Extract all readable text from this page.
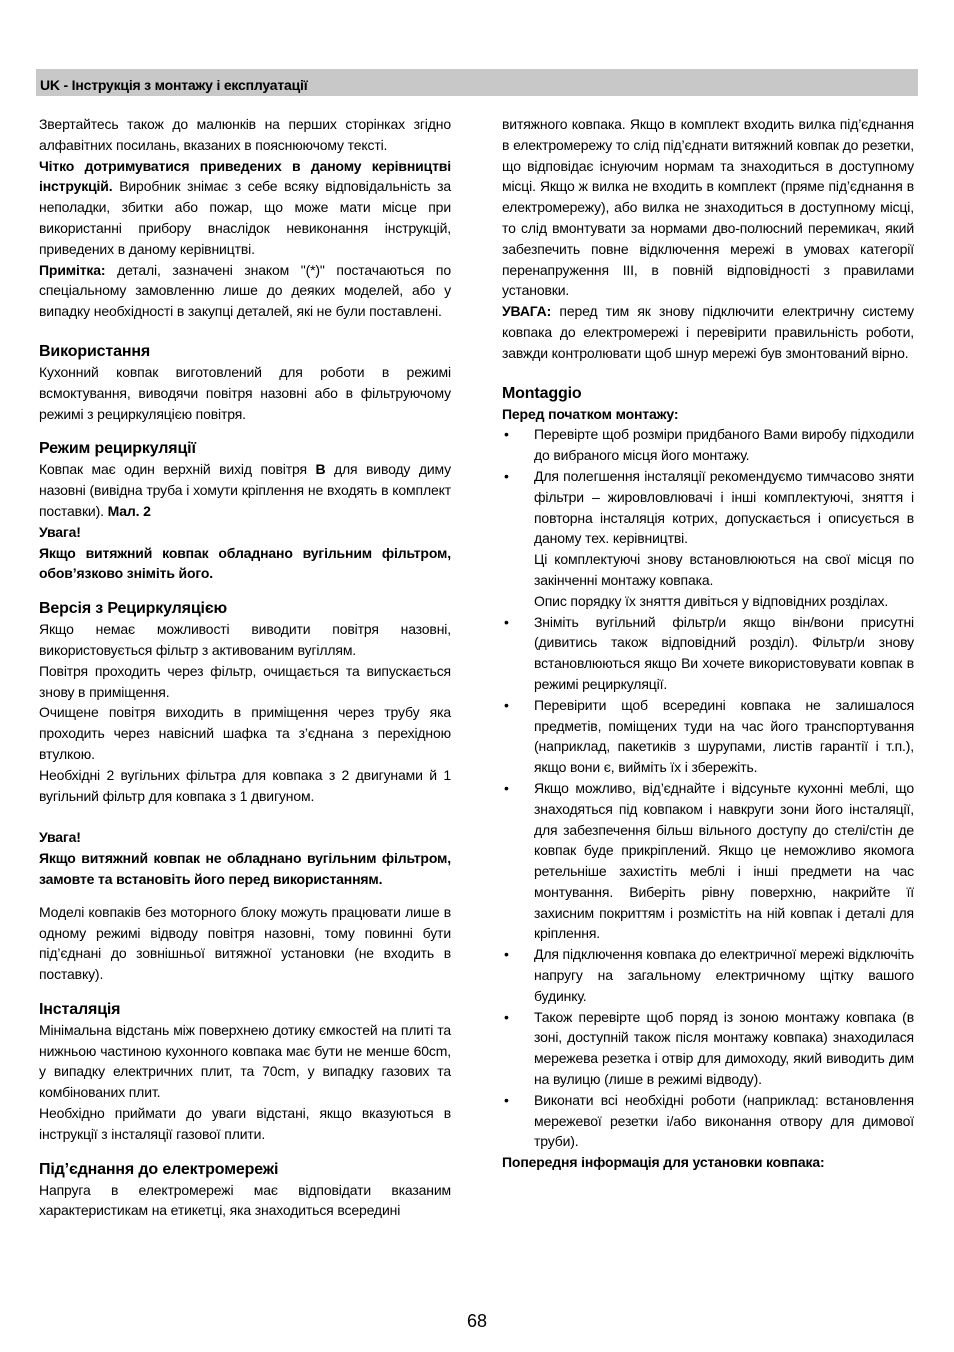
UK - Інструкція з монтажу і експлуатації

Звертайтесь також до малюнків на перших сторінках згідно алфавітних посилань, вказаних в пояснюючому тексті.

Чітко дотримуватися приведених в даному керівництві інструкцій. Виробник знімає з себе всяку відповідальність за неполадки, збитки або пожар, що може мати місце при використанні прибору внаслідок невиконання інструкцій, приведених в даному керівництві.

Примітка: деталі, зазначені знаком "(*)" постачаються по спеціальному замовленню лише до деяких моделей, або у випадку необхідності в закупці деталей, які не були поставлені.

Використання

Кухонний ковпак виготовлений для роботи в режимі всмоктування, виводячи повітря назовні або в фільтруючому режимі з рециркуляцією повітря.

Режим рециркуляції

Ковпак має один верхній вихід повітря B для виводу диму назовні (вивідна труба і хомути кріплення не входять в комплект поставки). Мал. 2

Увага!

Якщо витяжний ковпак обладнано вугільним фільтром, обов’язково зніміть його.

Версія з Рециркуляцією

Якщо немає можливості виводити повітря назовні, використовується фільтр з активованим вугіллям.

Повітря проходить через фільтр, очищається та випускається знову в приміщення.

Очищене повітря виходить в приміщення через трубу яка проходить через навісний шафка та з’єднана з перехідною втулкою.

Необхідні 2 вугільних фільтра для ковпака з 2 двигунами й 1 вугільний фільтр для ковпака з 1 двигуном.

Увага!

Якщо витяжний ковпак не обладнано вугільним фільтром, замовте та встановіть його перед використанням.

Моделі ковпаків без моторного блоку можуть працювати лише в одному режимі відводу повітря назовні, тому повинні бути під’єднані до зовнішньої витяжної установки (не входить в поставку).

Інсталяція

Мінімальна відстань між поверхнею дотику ємкостей на плиті та нижньою частиною кухонного ковпака має бути не менше 60cm, у випадку електричних плит, та 70cm, у випадку газових та комбінованих плит.

Необхідно приймати до уваги відстані, якщо вказуються в інструкції з інсталяції газової плити.

Під’єднання до електромережі

Напруга в електромережі має відповідати вказаним характеристикам на етикетці, яка знаходиться всередині

витяжного ковпака. Якщо в комплект входить вилка під’єднання в електромережу то слід під’єднати витяжний ковпак до резетки, що відповідає існуючим нормам та знаходиться в доступному місці. Якщо ж вилка не входить в комплект (пряме під’єднання в електромережу), або вилка не знаходиться в доступному місці, то слід вмонтувати за нормами дво-полюсний перемикач, який забезпечить повне відключення мережі в умовах категорії перенапруження III, в повній відповідності з правилами установки.

УВАГА: перед тим як знову підключити електричну систему ковпака до електромережі і перевірити правильність роботи, завжди контролювати щоб шнур мережі був змонтований вірно.

Montaggio

Перед початком монтажу:

• Перевірте щоб розміри придбаного Вами виробу підходили до вибраного місця його монтажу.

• Для полегшення інсталяції рекомендуємо тимчасово зняти фільтри – жировловлювачі і інші комплектуючі, зняття і повторна інсталяція котрих, допускається і описується в даному тех. керівництві.

Ці комплектуючі знову встановлюються на свої місця по закінченні монтажу ковпака.

Опис порядку їх зняття дивіться у відповідних розділах.

• Зніміть вугільний фільтр/и якщо він/вони присутні (дивитись також відповідний розділ). Фільтр/и знову встановлюються якщо Ви хочете використовувати ковпак в режимі рециркуляції.

• Перевірити щоб всередині ковпака не залишалося предметів, поміщених туди на час його транспортування (наприклад, пакетиків з шурупами, листів гарантії і т.п.), якщо вони є, вийміть їх і збережіть.

• Якщо можливо, від’єднайте і відсуньте кухонні меблі, що знаходяться під ковпаком і навкруги зони його інсталяції, для забезпечення більш вільного доступу до стелі/стін де ковпак буде прикріплений. Якщо це неможливо якомога ретельніше захистіть меблі і інші предмети на час монтування. Виберіть рівну поверхню, накрийте її захисним покриттям і розмістіть на ній ковпак і деталі для кріплення.

• Для підключення ковпака до електричної мережі відключіть напругу на загальному електричному щітку вашого будинку.

• Також перевірте щоб поряд із зоною монтажу ковпака (в зоні, доступній також після монтажу ковпака) знаходилася мережева резетка і отвір для димоходу, який виводить дим на вулицю (лише в режимі відводу).

• Виконати всі необхідні роботи (наприклад: встановлення мережевої резетки і/або виконання отвору для димової труби).

Попередня інформація для установки ковпака:

68
